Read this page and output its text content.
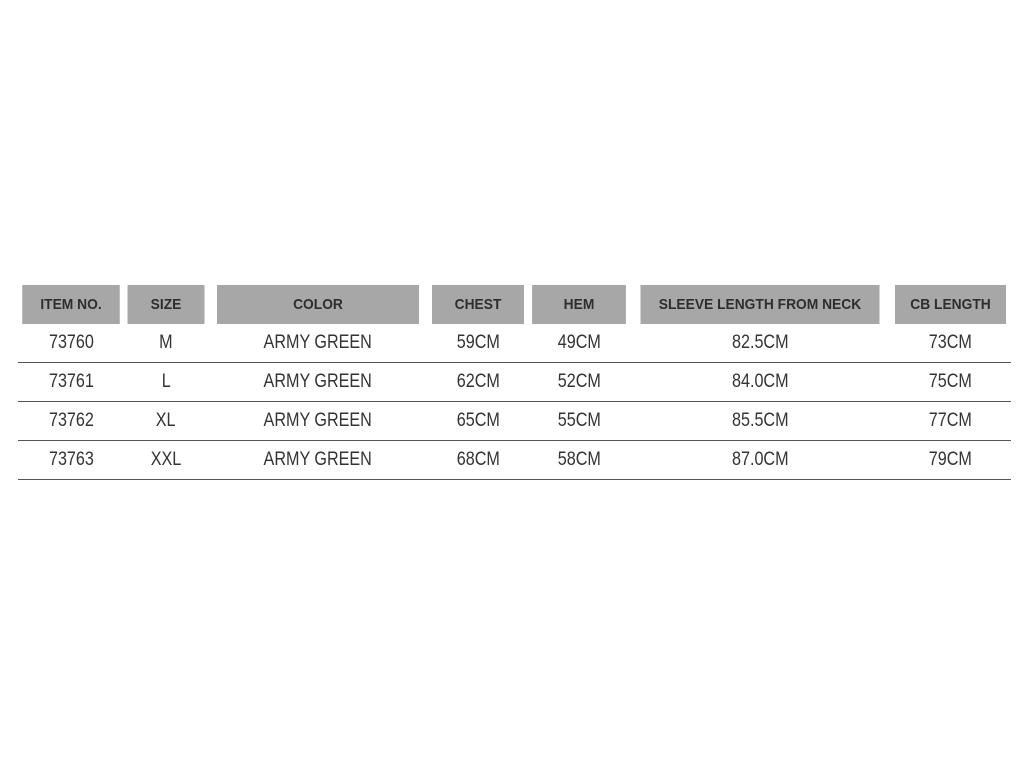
ITEM NO.	SIZE	COLOR	CHEST	HEM	SLEEVE LENGTH FROM NECK	CB LENGTH
73760	M	ARMY GREEN	59CM	49CM	82.5CM	73CM
73761	L	ARMY GREEN	62CM	52CM	84.0CM	75CM
73762	XL	ARMY GREEN	65CM	55CM	85.5CM	77CM
73763	XXL	ARMY GREEN	68CM	58CM	87.0CM	79CM
